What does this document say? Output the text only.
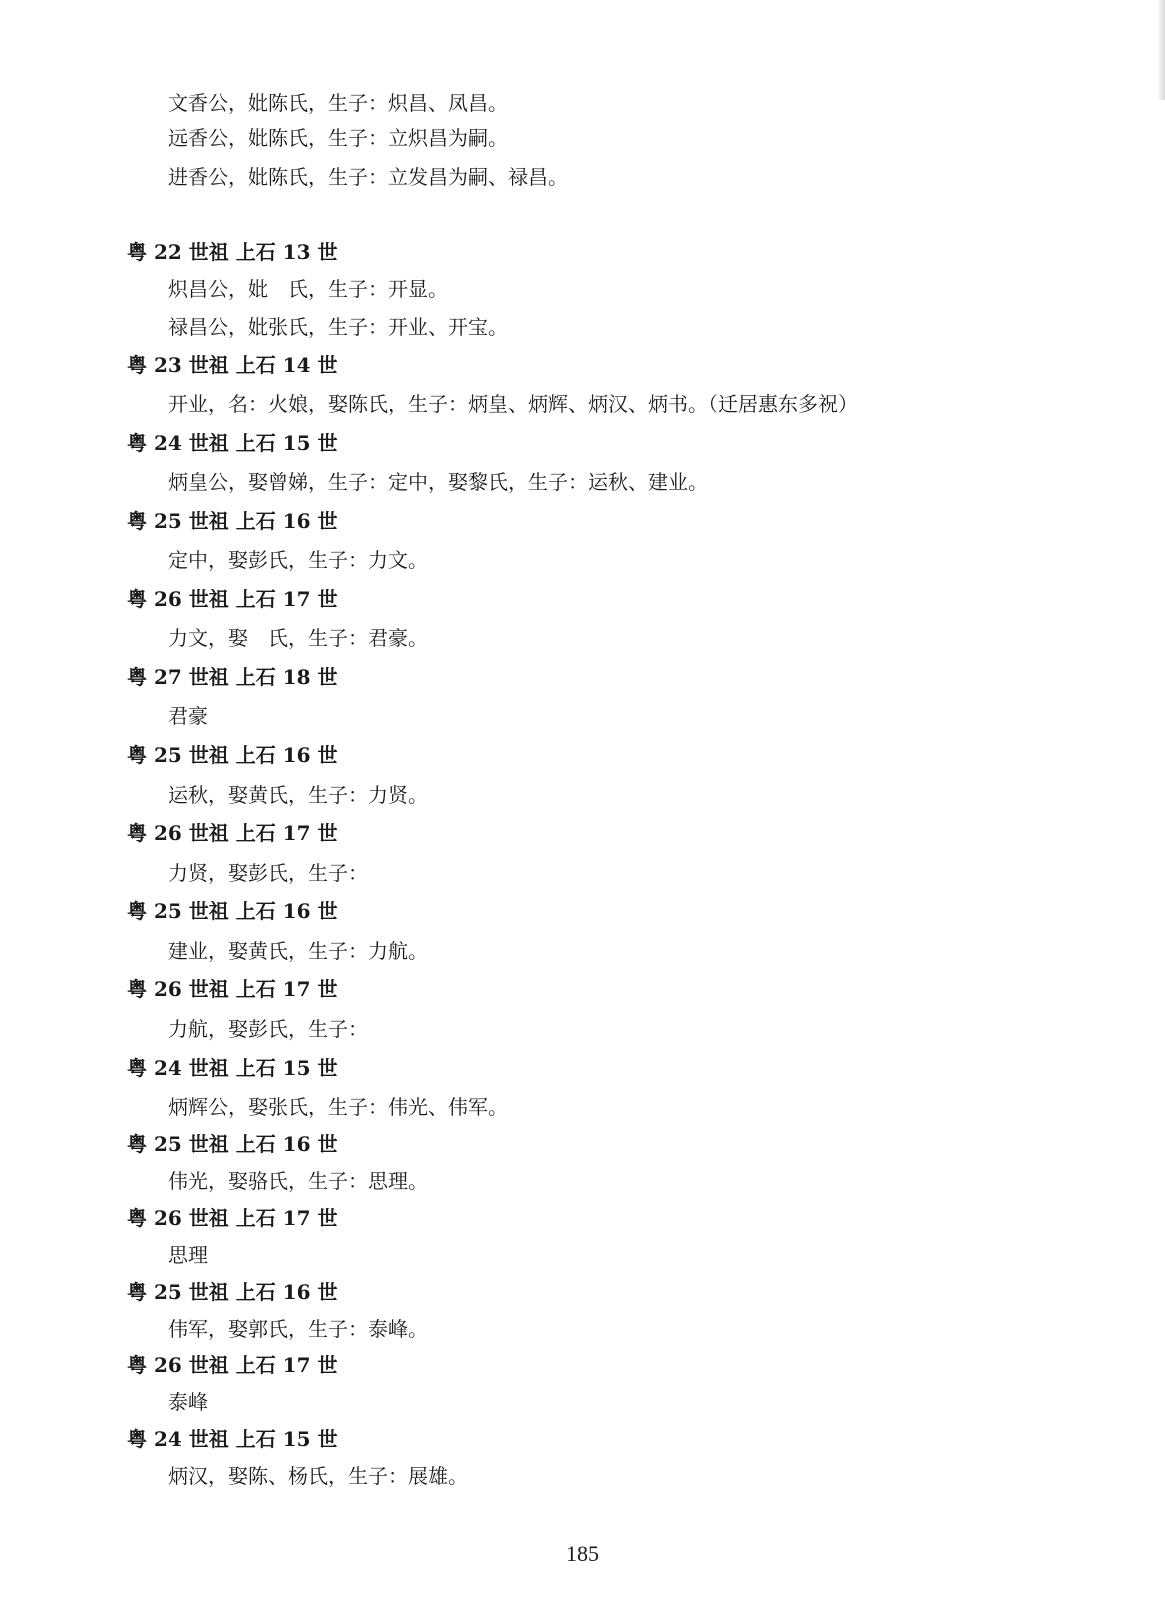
文香公，妣陈氏，生子：炽昌、凤昌。
远香公，妣陈氏，生子：立炽昌为嗣。
进香公，妣陈氏，生子：立发昌为嗣、禄昌。
粤 22 世祖 上石 13 世
炽昌公，妣　氏，生子：开显。
禄昌公，妣张氏，生子：开业、开宝。
粤 23 世祖 上石 14 世
开业，名：火娘，娶陈氏，生子：炳皇、炳辉、炳汉、炳书。（迁居惠东多祝）
粤 24 世祖 上石 15 世
炳皇公，娶曾娣，生子：定中，娶黎氏，生子：运秋、建业。
粤 25 世祖 上石 16 世
定中，娶彭氏，生子：力文。
粤 26 世祖 上石 17 世
力文，娶　氏，生子：君豪。
粤 27 世祖 上石 18 世
君豪
粤 25 世祖 上石 16 世
运秋，娶黄氏，生子：力贤。
粤 26 世祖 上石 17 世
力贤，娶彭氏，生子：
粤 25 世祖 上石 16 世
建业，娶黄氏，生子：力航。
粤 26 世祖 上石 17 世
力航，娶彭氏，生子：
粤 24 世祖 上石 15 世
炳辉公，娶张氏，生子：伟光、伟军。
粤 25 世祖 上石 16 世
伟光，娶骆氏，生子：思理。
粤 26 世祖 上石 17 世
思理
粤 25 世祖 上石 16 世
伟军，娶郭氏，生子：泰峰。
粤 26 世祖 上石 17 世
泰峰
粤 24 世祖 上石 15 世
炳汉，娶陈、杨氏，生子：展雄。
185
